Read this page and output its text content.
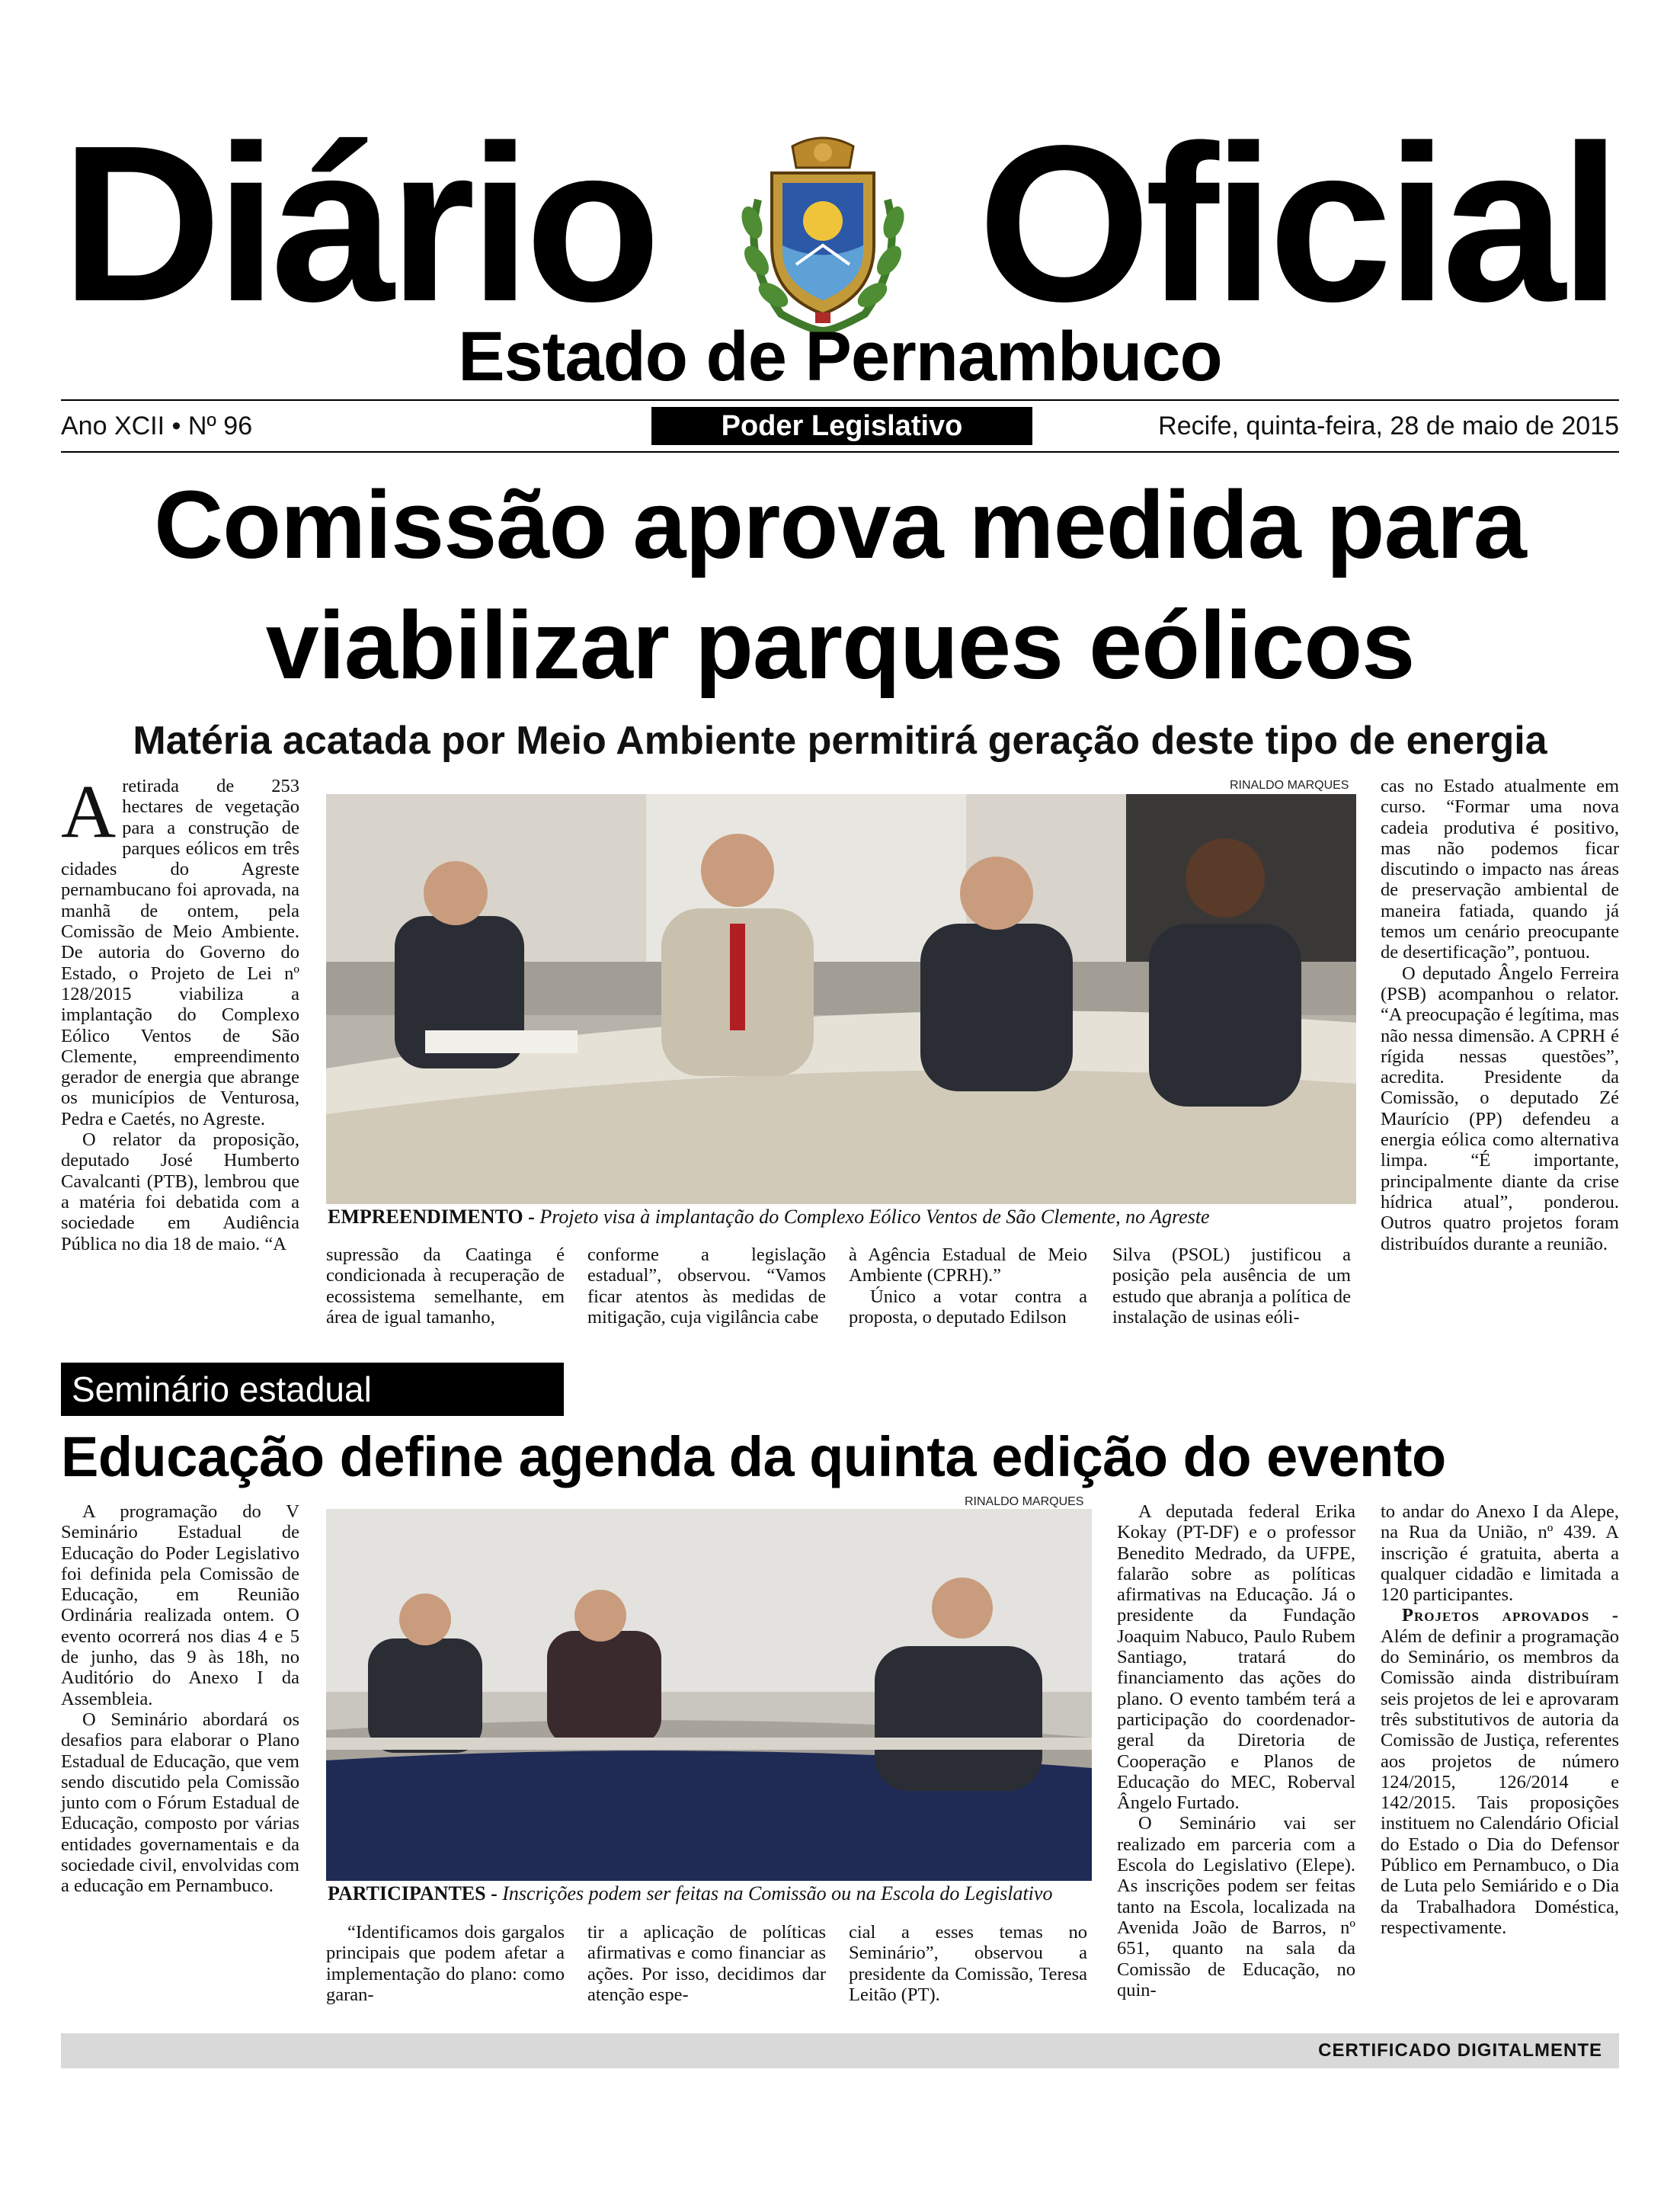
Diário Oficial
Estado de Pernambuco
Ano XCII • Nº 96	Poder Legislativo	Recife, quinta-feira, 28 de maio de 2015
Comissão aprova medida para viabilizar parques eólicos
Matéria acatada por Meio Ambiente permitirá geração deste tipo de energia

Aretirada de 253 hectares de vegetação para a construção de parques eólicos em três cidades do Agreste pernambucano foi aprovada, na manhã de ontem, pela Comissão de Meio Ambiente. De autoria do Governo do Estado, o Projeto de Lei nº 128/2015 viabiliza a implantação do Complexo Eólico Ventos de São Clemente, empreendimento gerador de energia que abrange os municípios de Venturosa, Pedra e Caetés, no Agreste.

O relator da proposição, deputado José Humberto Cavalcanti (PTB), lembrou que a matéria foi debatida com a sociedade em Audiência Pública no dia 18 de maio. “A

RINALDO MARQUES
EMPREENDIMENTO - Projeto visa à implantação do Complexo Eólico Ventos de São Clemente, no Agreste

supressão da Caatinga é condicionada à recuperação de ecossistema semelhante, em área de igual tamanho,

conforme a legislação estadual”, observou. “Vamos ficar atentos às medidas de mitigação, cuja vigilância cabe

à Agência Estadual de Meio Ambiente (CPRH).”

Único a votar contra a proposta, o deputado Edilson

Silva (PSOL) justificou a posição pela ausência de um estudo que abranja a política de instalação de usinas eóli-

cas no Estado atualmente em curso. “Formar uma nova cadeia produtiva é positivo, mas não podemos ficar discutindo o impacto nas áreas de preservação ambiental de maneira fatiada, quando já temos um cenário preocupante de desertificação”, pontuou.

O deputado Ângelo Ferreira (PSB) acompanhou o relator. “A preocupação é legítima, mas não nessa dimensão. A CPRH é rígida nessas questões”, acredita. Presidente da Comissão, o deputado Zé Maurício (PP) defendeu a energia eólica como alternativa limpa. “É importante, principalmente diante da crise hídrica atual”, ponderou. Outros quatro projetos foram distribuídos durante a reunião.

Seminário estadual
Educação define agenda da quinta edição do evento

A programação do V Seminário Estadual de Educação do Poder Legislativo foi definida pela Comissão de Educação, em Reunião Ordinária realizada ontem. O evento ocorrerá nos dias 4 e 5 de junho, das 9 às 18h, no Auditório do Anexo I da Assembleia.

O Seminário abordará os desafios para elaborar o Plano Estadual de Educação, que vem sendo discutido pela Comissão junto com o Fórum Estadual de Educação, composto por várias entidades governamentais e da sociedade civil, envolvidas com a educação em Pernambuco.

RINALDO MARQUES
PARTICIPANTES - Inscrições podem ser feitas na Comissão ou na Escola do Legislativo

“Identificamos dois gargalos principais que podem afetar a implementação do plano: como garan-

tir a aplicação de políticas afirmativas e como financiar as ações. Por isso, decidimos dar atenção espe-

cial a esses temas no Seminário”, observou a presidente da Comissão, Teresa Leitão (PT).

A deputada federal Erika Kokay (PT-DF) e o professor Benedito Medrado, da UFPE, falarão sobre as políticas afirmativas na Educação. Já o presidente da Fundação Joaquim Nabuco, Paulo Rubem Santiago, tratará do financiamento das ações do plano. O evento também terá a participação do coordenador-geral da Diretoria de Cooperação e Planos de Educação do MEC, Roberval Ângelo Furtado.

O Seminário vai ser realizado em parceria com a Escola do Legislativo (Elepe). As inscrições podem ser feitas tanto na Escola, localizada na Avenida João de Barros, nº 651, quanto na sala da Comissão de Educação, no quin-

to andar do Anexo I da Alepe, na Rua da União, nº 439. A inscrição é gratuita, aberta a qualquer cidadão e limitada a 120 participantes.

Projetos aprovados - Além de definir a programação do Seminário, os membros da Comissão ainda distribuíram seis projetos de lei e aprovaram três substitutivos de autoria da Comissão de Justiça, referentes aos projetos de número 124/2015, 126/2014 e 142/2015. Tais proposições instituem no Calendário Oficial do Estado o Dia do Defensor Público em Pernambuco, o Dia de Luta pelo Semiárido e o Dia da Trabalhadora Doméstica, respectivamente.

CERTIFICADO DIGITALMENTE
